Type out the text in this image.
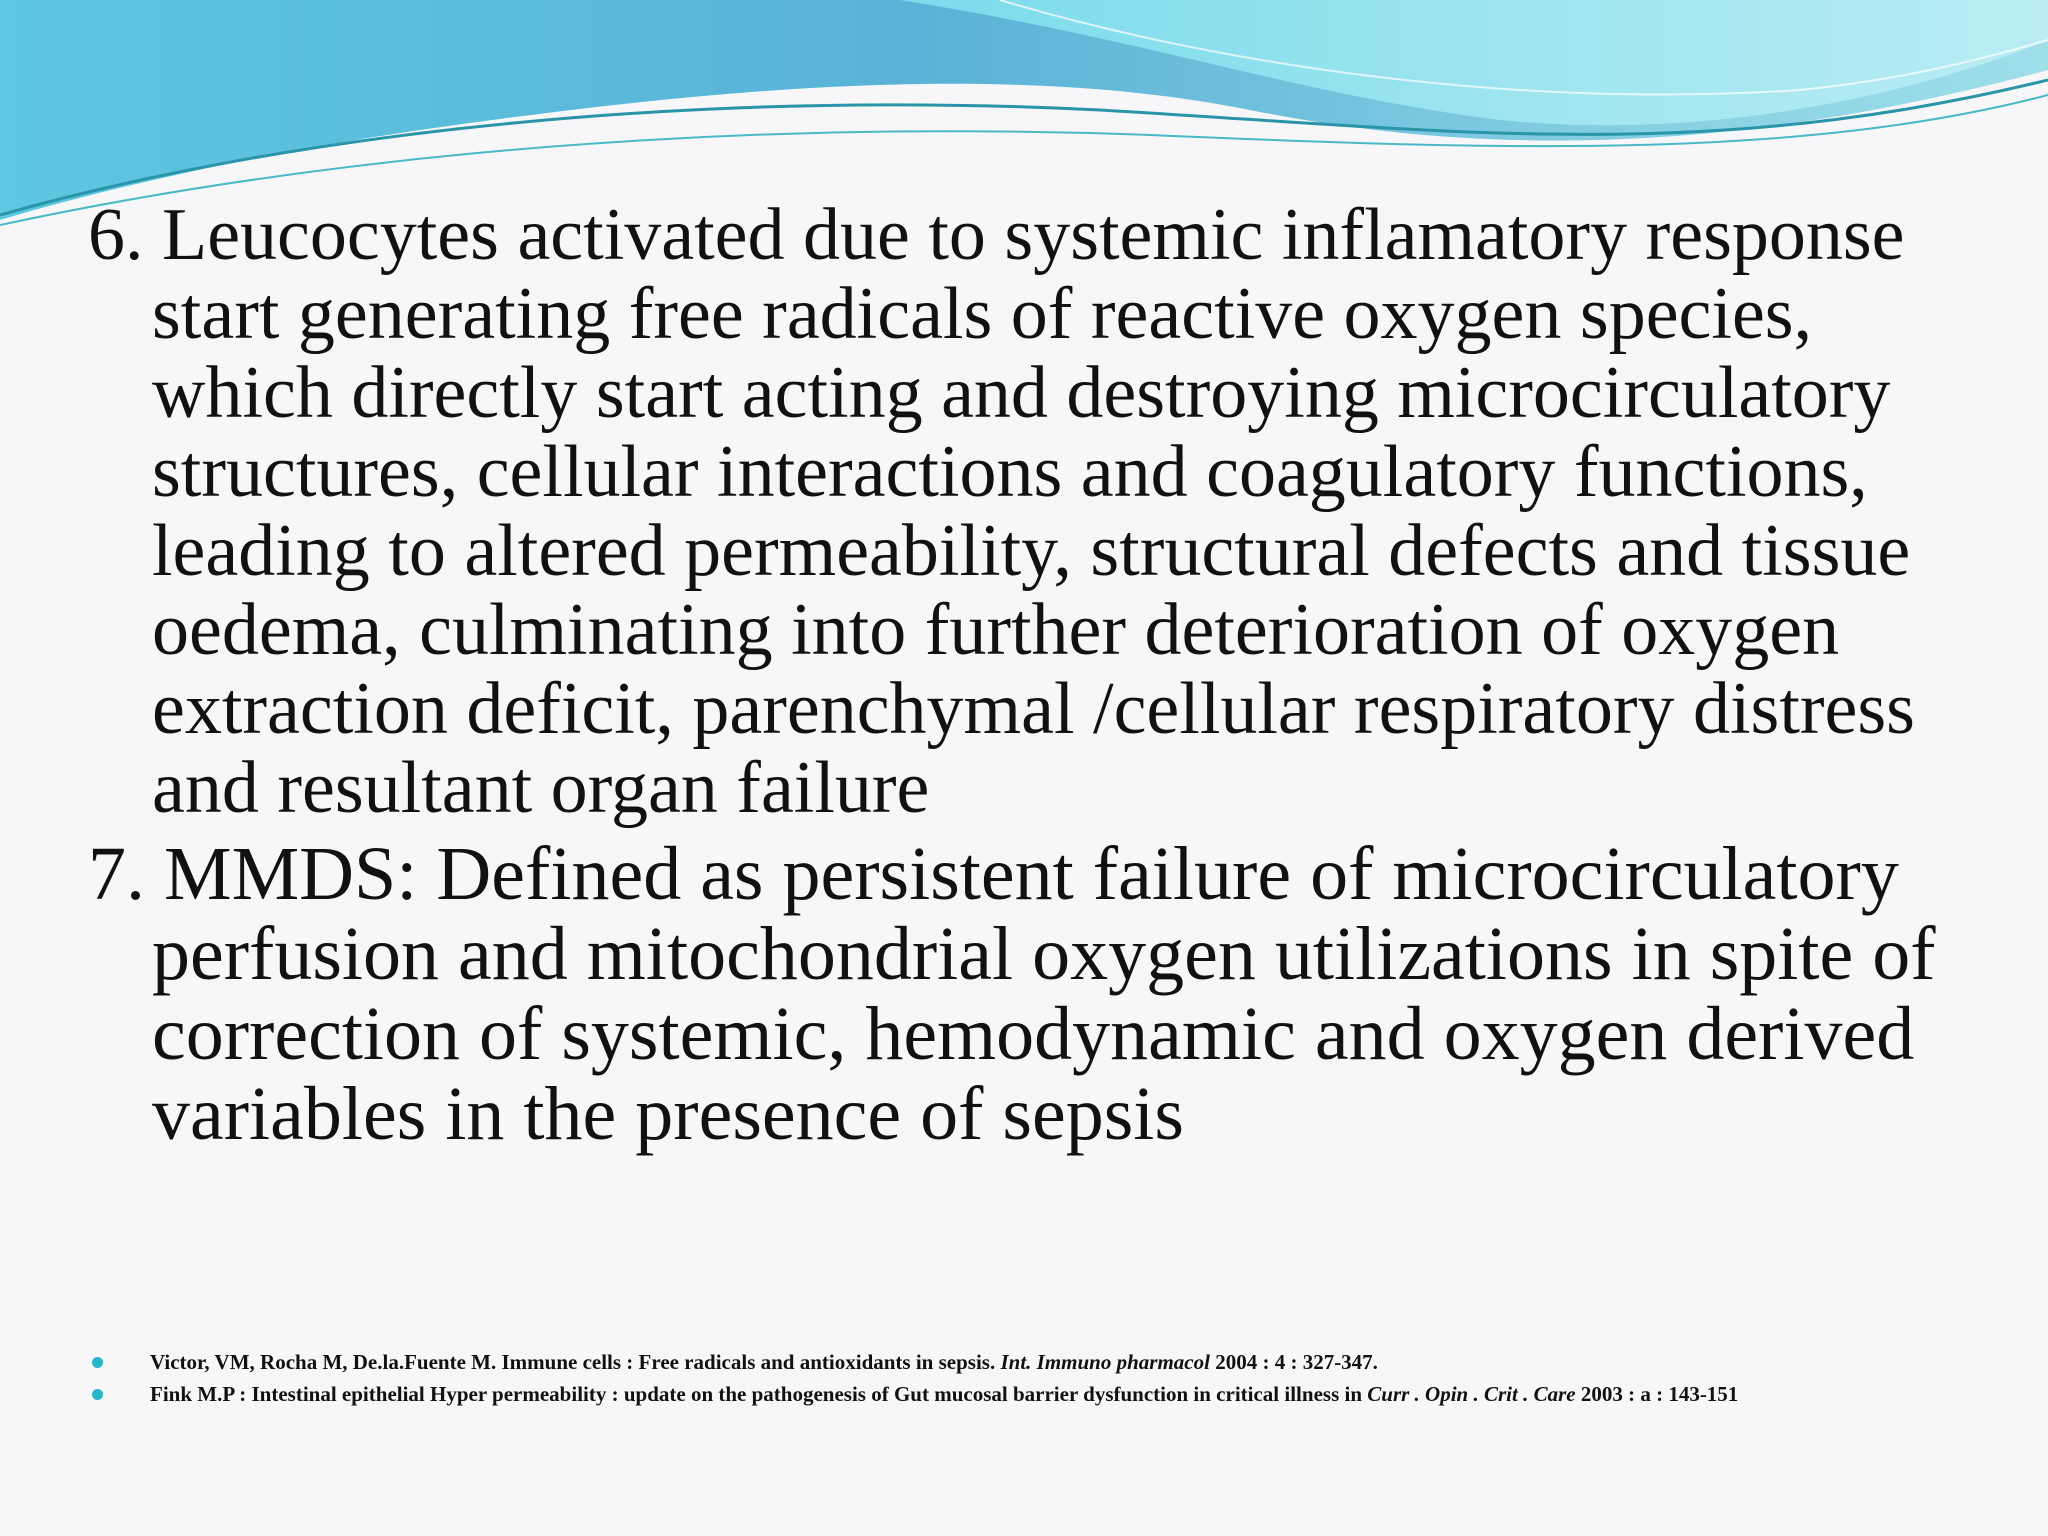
6. Leucocytes activated due to systemic inflamatory response start generating free radicals of reactive oxygen species, which directly start acting and destroying microcirculatory structures, cellular interactions and coagulatory functions, leading to altered permeability, structural defects and tissue oedema, culminating into further deterioration of oxygen extraction deficit, parenchymal /cellular respiratory distress and resultant organ failure

7. MMDS: Defined as persistent failure of microcirculatory perfusion and mitochondrial oxygen utilizations in spite of correction of systemic, hemodynamic and oxygen derived variables in the presence of sepsis

Victor, VM, Rocha M, De.la.Fuente M. Immune cells : Free radicals and antioxidants in sepsis. Int. Immuno pharmacol 2004 : 4 : 327-347.
Fink M.P : Intestinal epithelial Hyper permeability : update on the pathogenesis of Gut mucosal barrier dysfunction in critical illness in Curr . Opin . Crit . Care 2003 : a : 143-151
